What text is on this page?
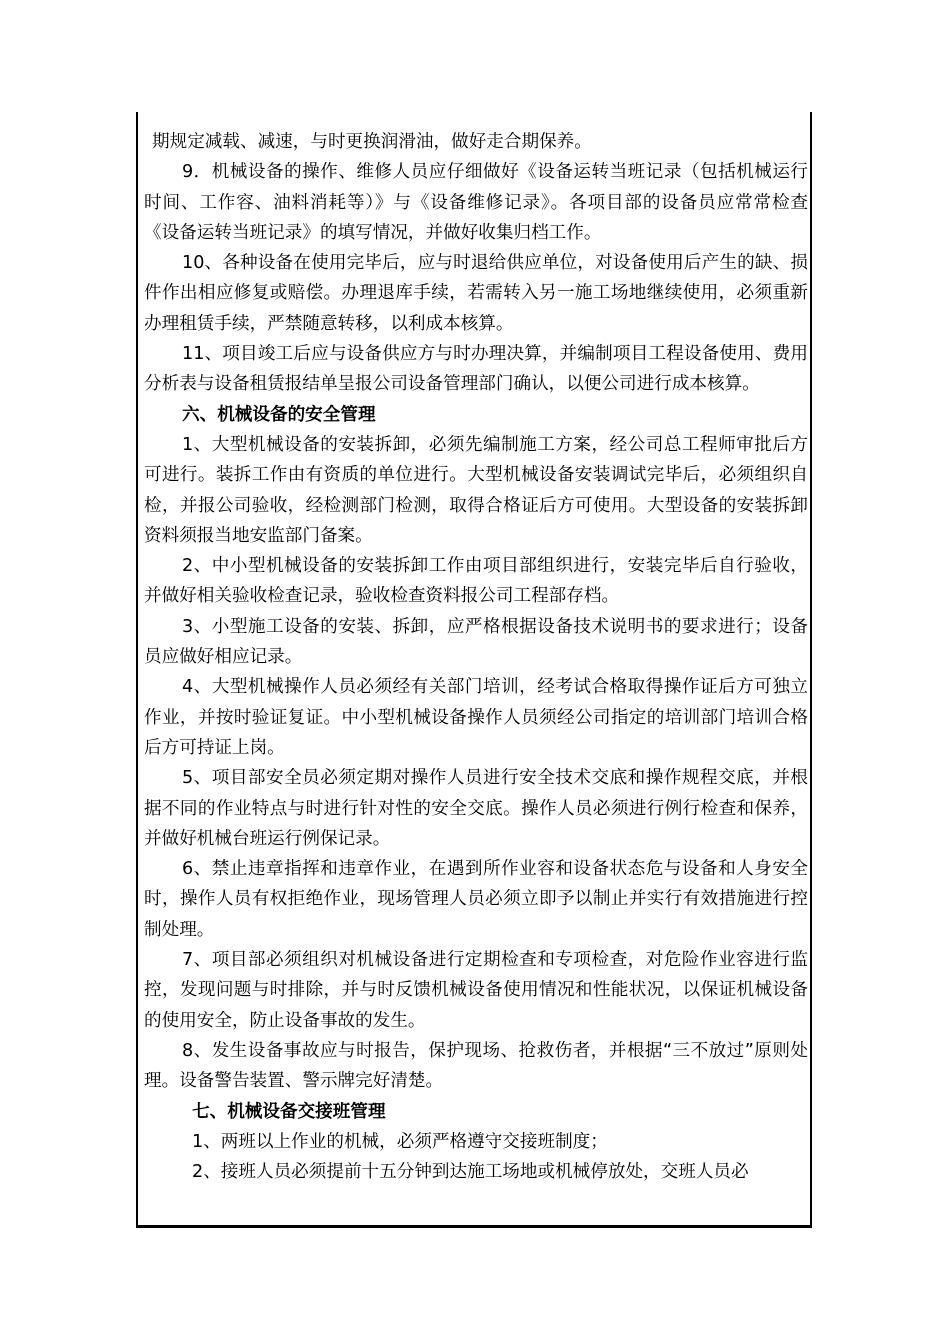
期规定减载、减速，与时更换润滑油，做好走合期保养。

9．机械设备的操作、维修人员应仔细做好《设备运转当班记录（包括机械运行时间、工作容、油料消耗等）》与《设备维修记录》。各项目部的设备员应常常检查《设备运转当班记录》的填写情况，并做好收集归档工作。

10、各种设备在使用完毕后，应与时退给供应单位，对设备使用后产生的缺、损件作出相应修复或赔偿。办理退库手续，若需转入另一施工场地继续使用，必须重新办理租赁手续，严禁随意转移，以利成本核算。

11、项目竣工后应与设备供应方与时办理决算，并编制项目工程设备使用、费用分析表与设备租赁报结单呈报公司设备管理部门确认，以便公司进行成本核算。

六、机械设备的安全管理

1、大型机械设备的安装拆卸，必须先编制施工方案，经公司总工程师审批后方可进行。装拆工作由有资质的单位进行。大型机械设备安装调试完毕后，必须组织自检，并报公司验收，经检测部门检测，取得合格证后方可使用。大型设备的安装拆卸资料须报当地安监部门备案。

2、中小型机械设备的安装拆卸工作由项目部组织进行，安装完毕后自行验收，并做好相关验收检查记录，验收检查资料报公司工程部存档。

3、小型施工设备的安装、拆卸，应严格根据设备技术说明书的要求进行；设备员应做好相应记录。

4、大型机械操作人员必须经有关部门培训，经考试合格取得操作证后方可独立作业，并按时验证复证。中小型机械设备操作人员须经公司指定的培训部门培训合格后方可持证上岗。

5、项目部安全员必须定期对操作人员进行安全技术交底和操作规程交底，并根据不同的作业特点与时进行针对性的安全交底。操作人员必须进行例行检查和保养，并做好机械台班运行例保记录。

6、禁止违章指挥和违章作业，在遇到所作业容和设备状态危与设备和人身安全时，操作人员有权拒绝作业，现场管理人员必须立即予以制止并实行有效措施进行控制处理。

7、项目部必须组织对机械设备进行定期检查和专项检查，对危险作业容进行监控，发现问题与时排除，并与时反馈机械设备使用情况和性能状况，以保证机械设备的使用安全，防止设备事故的发生。

8、发生设备事故应与时报告，保护现场、抢救伤者，并根据“三不放过”原则处理。设备警告装置、警示牌完好清楚。

七、机械设备交接班管理

1、两班以上作业的机械，必须严格遵守交接班制度；

2、接班人员必须提前十五分钟到达施工场地或机械停放处，交班人员必
